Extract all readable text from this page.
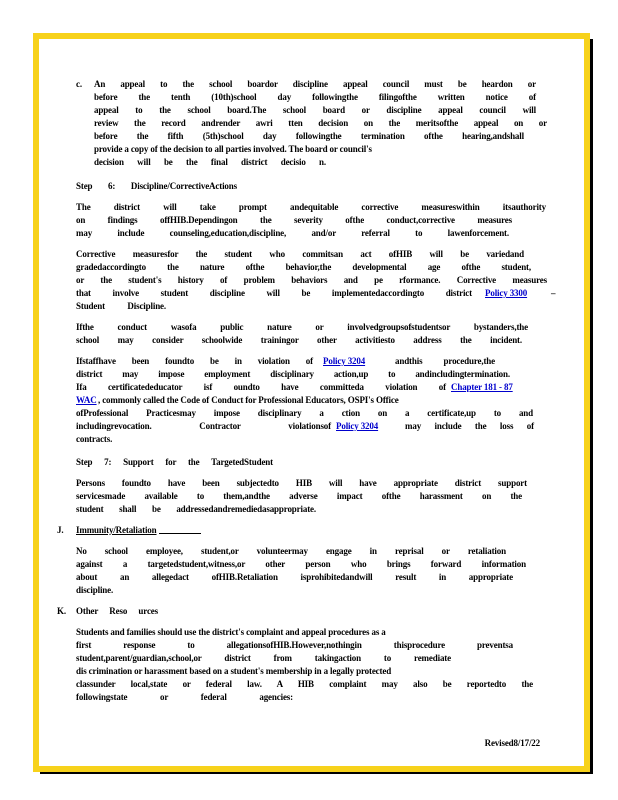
c. An appeal to the school boardor discipline appeal council must be heardon or
before the tenth (10th)school day followingthe filingofthe written notice of
appeal to the school board.The school board or discipline appeal council will
review the record andrender awri tten decision on the meritsofthe appeal on or
before the fifth (5th)school day followingthe termination ofthe hearing,andshall
provide a copy of the decision to all parties involved. The board or council's
decision will be the final district decisio n.
Step 6: Discipline/CorrectiveActions
The district will take prompt andequitable corrective measureswithin itsauthority
on findings offHIB.Dependingon the severity ofthe conduct,corrective measures
may include counseling,education,discipline, and/or referral to lawenforcement.
Corrective measuresfor the student who commitsan act ofHIB will be variedand
gradedaccordingto the nature ofthe behavior,the developmental age ofthe student,
or the student's history of problem behaviors and pe rformance. Corrective measures
that involve student discipline will be implementedaccordingto district Policy 3300	–
Student Discipline.
Ifthe conduct wasofa public nature or involvedgroupsofstudentsor bystanders,the
school may consider schoolwide trainingor other activitiesto address the incident.
Ifstaffhave been foundto be in violation of Policy 3204	andthis procedure,the
district may impose employment disciplinary action,up to andincludingtermination.
Ifa certificatededucator isf oundto have committeda violation of Chapter 181 - 87
WAC , commonly called the Code of Conduct for Professional Educators, OSPI's Office
ofProfessional Practicesmay impose disciplinary a ction on a certificate,up to and
includingrevocation. Contractor violationsof Policy 3204	may include the loss of
contracts.
Step 7: Support for the TargetedStudent
Persons foundto have been subjectedto HIB will have appropriate district support
servicesmade available to them,andthe adverse impact ofthe harassment on the
student shall be addressedandremediedasappropriate.
J. Immunity/Retaliation
No school employee, student,or volunteermay engage in reprisal or retaliation
against a targetedstudent,witness,or other person who brings forward information
about an allegedact ofHIB.Retaliation isprohibitedandwill result in appropriate
discipline.
K. Other Reso urces
Students and families should use the district's complaint and appeal procedures as a
first response to allegationsofHIB.However,nothingin thisprocedure preventsa
student,parent/guardian,school,or district from takingaction to remediate
dis crimination or harassment based on a student's membership in a legally protected
classunder local,state or federal law. A HIB complaint may also be reportedto the
followingstate or federal agencies:
Revised8/17/22
